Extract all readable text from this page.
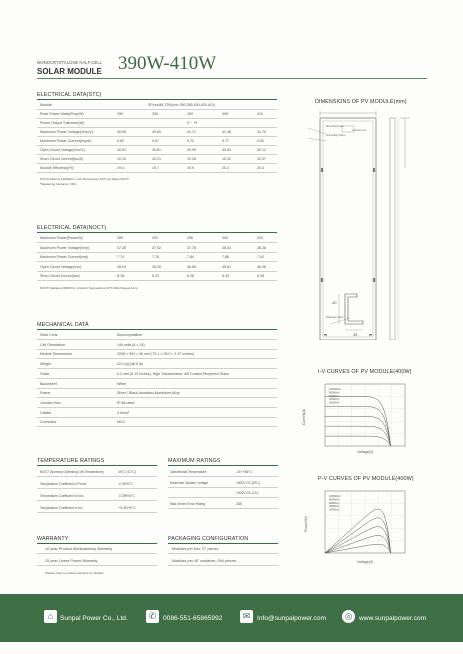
MONOCRYSTALLINE HALF-CELL
SOLAR MODULE 390W-410W
ELECTRICAL DATA(STC)
ELECTRICAL DATA(NOCT)
MECHANICAL DATA
TEMPERATURE RATINGS	MAXIMUM RATINGS
WARRANTY	PACKAGING CONFIGURATION
DIMENSIONS OF PV MODULE(mm)
Mounting holes
Grounding holes
Junction box
Drainage holes
40
35
I-V CURVES OF PV MODULE(400W)
1000W/m²
800W/m²
600W/m²
400W/m²
200W/m²
Current(A)
Voltage(V)
P-V CURVES OF PV MODULE(400W)
1000W/m²
800W/m²
600W/m²
400W/m²
200W/m²
Power(W)
Voltage(V)
⌂	Sunpal Power Co., Ltd.	✆	0086-551-65865992	✉	Info@sunpalpower.com ◎ www.sunpalpower.com
Module	SPxxxM6-72H(xxx=390,395,400,405,410)
Peak Power Watts(Pmp/W)	390	395	400	405	410
Power Output Tolerance(W)	0 ~ +5
Maximum Power Voltage(Vmp/V)	40.55	40.80	41.17	41.46	41.79
Maximum Power Current(Imp/A)	9.62	9.67	9.72	9.77	9.82
Open Circuit Voltage(Voc/V)	49.51	49.81	49.99	49.81	50.12
Short Circuit Current(Isc/A)	10.15	10.21	10.26	10.32	10.37
Module Efficiency(%)	19.4	19.7	19.9	20.2	20.4
STC:Irradiance 1000W/m², Cell Temperature 25°C,Air Mass AM1.5
*Measuring tolerance: ±3%
Maximum Power(Pmax/W)	289	292	296	300	303
Maximum Power Voltage(Vmp)	37.25	37.52	37.78	38.03	38.28
Maximum Power Current(Imp)	7.74	7.78	7.84	7.88	7.92
Open Circuit Voltage(Voc)	45.04	45.30	45.56	45.81	46.06
Short Circuit Current(Isc)	8.18	8.23	8.28	8.33	8.38
NOCT:Irradiance 800W/m², Ambient Temperature 20°C,Wind Speed 1m/s
Solar Cells	Monocrystalline
Cell Orientation	144 cells (6 × 24)
Module Dimensions	2008 × 991 × 40 mm (79.1 × 39.0 × 1.57 inches)
Weight	22.0 kg (48.5 lb)
Glass	3.2 mm (0.13 inches), High Transmission, AR Coated Tempered Glass
Backsheet	White
Frame	Silver / Black Anodized Aluminium Alloy
Junction Box	IP 68 rated
Cables	4.0mm²
Connector	MC4
NOCT (Nominal Operating Cell Temperature)	45°C (±2°C)
Temperature Coefficient of Pmax	-0.39%/°C
Temperature Coefficient of Voc	-0.299%/°C
Temperature Coefficient of Isc	+0.051%/°C
Operational Temperature	-40~+85°C
Maximum System Voltage	1000V DC (IEC)
1000V DC (UL)
Max Series Fuse Rating	20A
10 year Product Workmanship Warranty
25 year Linear Power Warranty
(Please refer to product warranty for details)
Modules per box: 27 pieces
Modules per 40' container: 594 pieces
